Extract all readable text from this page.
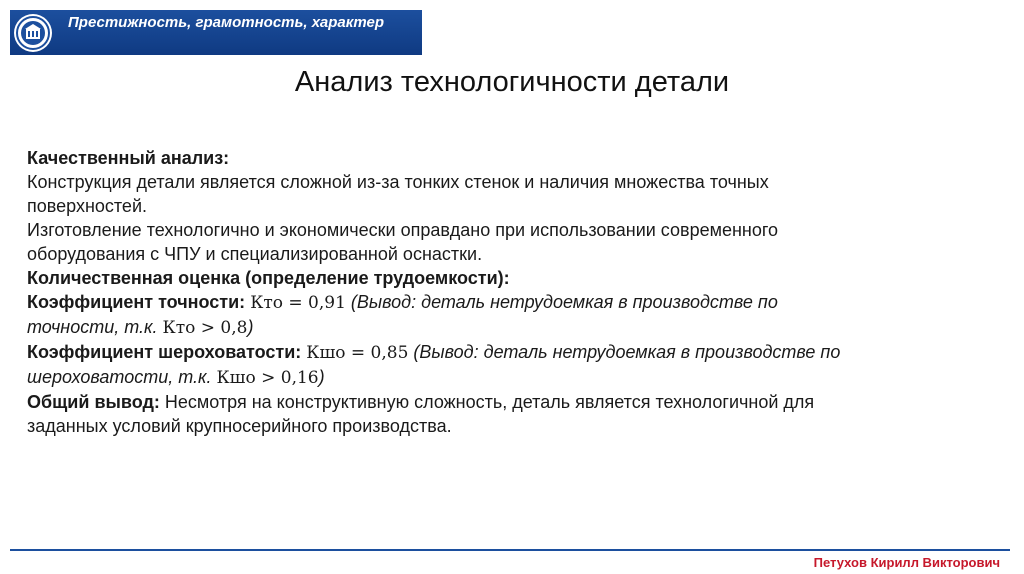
Престижность, грамотность, характер
Анализ технологичности детали

Качественный анализ:

Конструкция детали является сложной из-за тонких стенок и наличия множества точных
поверхностей.

Изготовление технологично и экономически оправдано при использовании современного
оборудования с ЧПУ и специализированной оснастки.

Количественная оценка (определение трудоемкости):

Коэффициент точности: Кто = 0,91 (Вывод: деталь нетрудоемкая в производстве по
точности, т.к. Кто > 0,8)

Коэффициент шероховатости: Кшо = 0,85 (Вывод: деталь нетрудоемкая в производстве по
шероховатости, т.к. Кшо > 0,16)

Общий вывод: Несмотря на конструктивную сложность, деталь является технологичной для
заданных условий крупносерийного производства.

Петухов Кирилл Викторович
